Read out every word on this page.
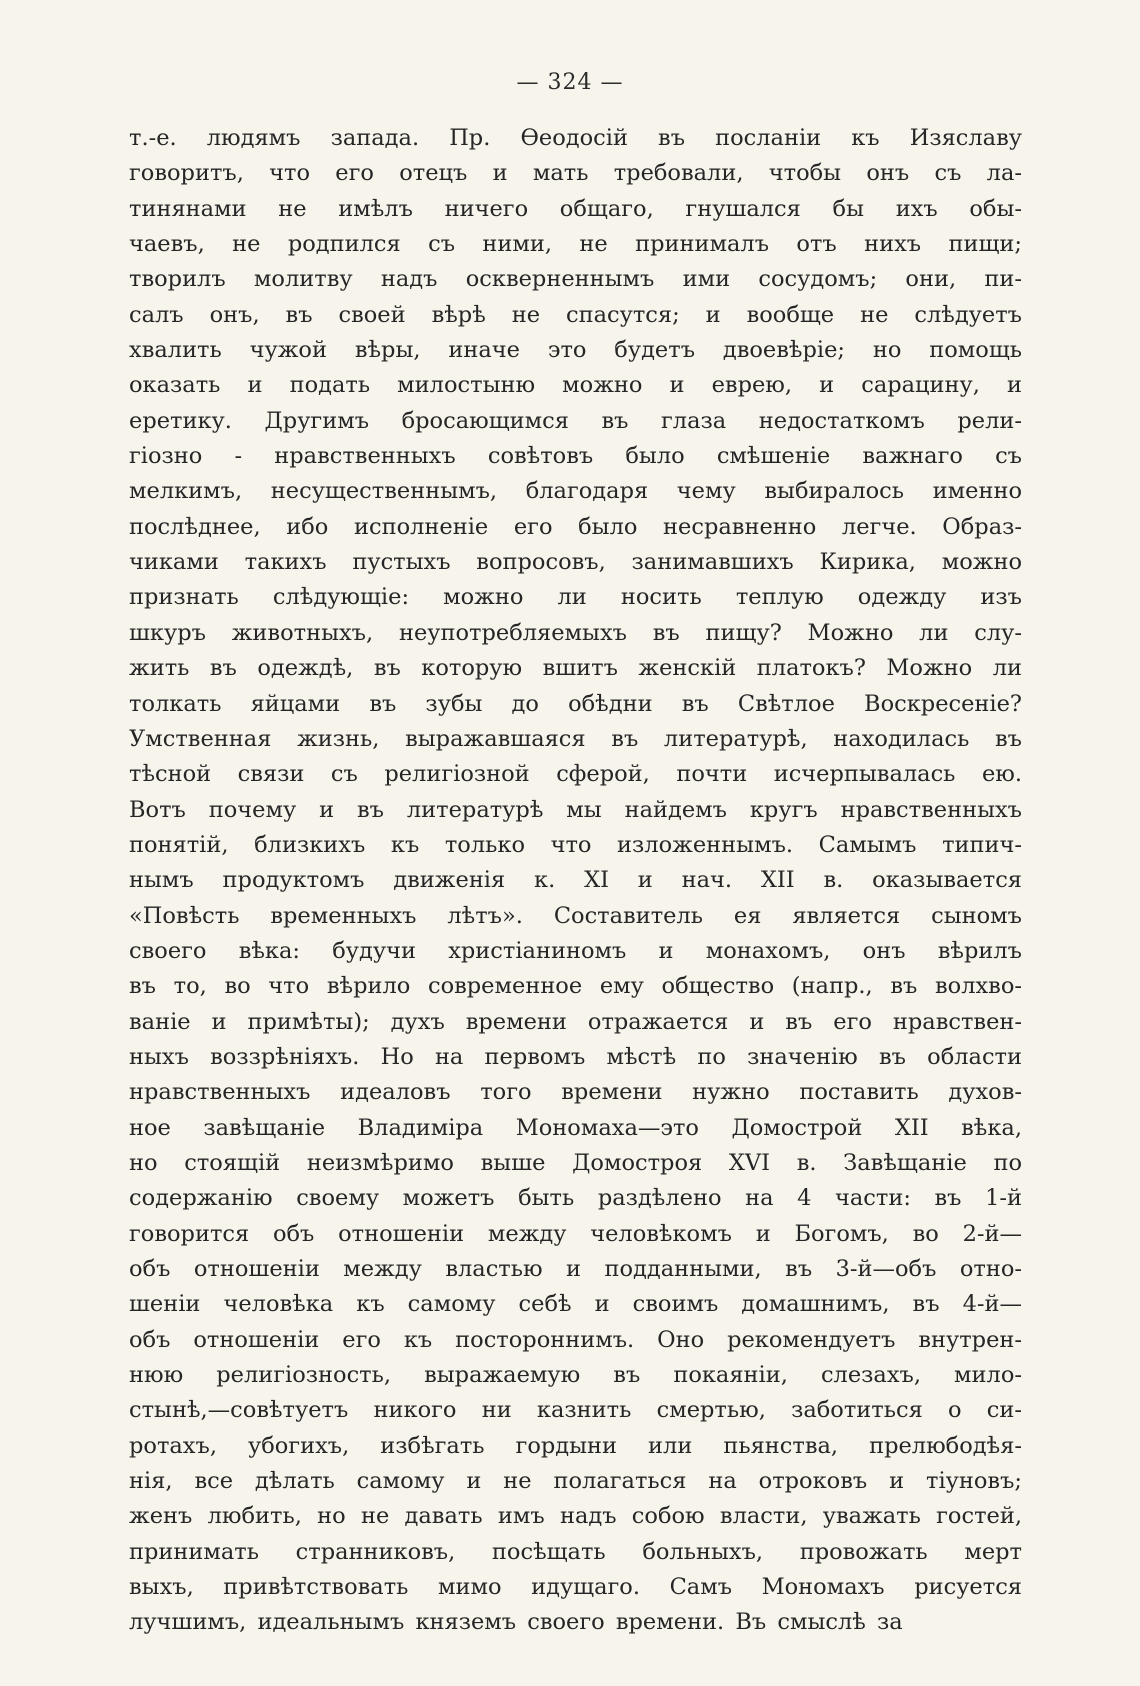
— 324 —
т.-е. людямъ запада. Пр. Ѳеодосій въ посланіи къ Изяславу
говоритъ, что его отецъ и мать требовали, чтобы онъ съ ла-
тинянами не имѣлъ ничего общаго, гнушался бы ихъ обы-
чаевъ, не родпился съ ними, не принималъ отъ нихъ пищи;
творилъ молитву надъ оскверненнымъ ими сосудомъ; они, пи-
салъ онъ, въ своей вѣрѣ не спасутся; и вообще не слѣдуетъ
хвалить чужой вѣры, иначе это будетъ двоевѣріе; но помощь
оказать и подать милостыню можно и еврею, и сарацину, и
еретику. Другимъ бросающимся въ глаза недостаткомъ рели-
гіозно - нравственныхъ совѣтовъ было смѣшеніе важнаго съ
мелкимъ, несущественнымъ, благодаря чему выбиралось именно
послѣднее, ибо исполненіе его было несравненно легче. Образ-
чиками такихъ пустыхъ вопросовъ, занимавшихъ Кирика, можно
признать слѣдующіе: можно ли носить теплую одежду изъ
шкуръ животныхъ, неупотребляемыхъ въ пищу? Можно ли слу-
жить въ одеждѣ, въ которую вшитъ женскій платокъ? Можно ли
толкать яйцами въ зубы до обѣдни въ Свѣтлое Воскресеніе?
Умственная жизнь, выражавшаяся въ литературѣ, находилась въ
тѣсной связи съ религіозной сферой, почти исчерпывалась ею.
Вотъ почему и въ литературѣ мы найдемъ кругъ нравственныхъ
понятій, близкихъ къ только что изложеннымъ. Самымъ типич-
нымъ продуктомъ движенія к. XI и нач. XII в. оказывается
«Повѣсть временныхъ лѣтъ». Составитель ея является сыномъ
своего вѣка: будучи христіаниномъ и монахомъ, онъ вѣрилъ
въ то, во что вѣрило современное ему общество (напр., въ волхво-
ваніе и примѣты); духъ времени отражается и въ его нравствен-
ныхъ воззрѣніяхъ. Но на первомъ мѣстѣ по значенію въ области
нравственныхъ идеаловъ того времени нужно поставить духов-
ное завѣщаніе Владиміра Мономаха—это Домострой XII вѣка,
но стоящій неизмѣримо выше Домостроя XVI в. Завѣщаніе по
содержанію своему можетъ быть раздѣлено на 4 части: въ 1-й
говорится объ отношеніи между человѣкомъ и Богомъ, во 2-й—
объ отношеніи между властью и подданными, въ 3-й—объ отно-
шеніи человѣка къ самому себѣ и своимъ домашнимъ, въ 4-й—
объ отношеніи его къ постороннимъ. Оно рекомендуетъ внутрен-
нюю религіозность, выражаемую въ покаяніи, слезахъ, мило-
стынѣ,—совѣтуетъ никого ни казнить смертью, заботиться о си-
ротахъ, убогихъ, избѣгать гордыни или пьянства, прелюбодѣя-
нія, все дѣлать самому и не полагаться на отроковъ и тіуновъ;
женъ любить, но не давать имъ надъ собою власти, уважать гостей,
принимать странниковъ, посѣщать больныхъ, провожать мерт
выхъ, привѣтствовать мимо идущаго. Самъ Мономахъ рисуется
лучшимъ, идеальнымъ княземъ своего времени. Въ смыслѣ за
